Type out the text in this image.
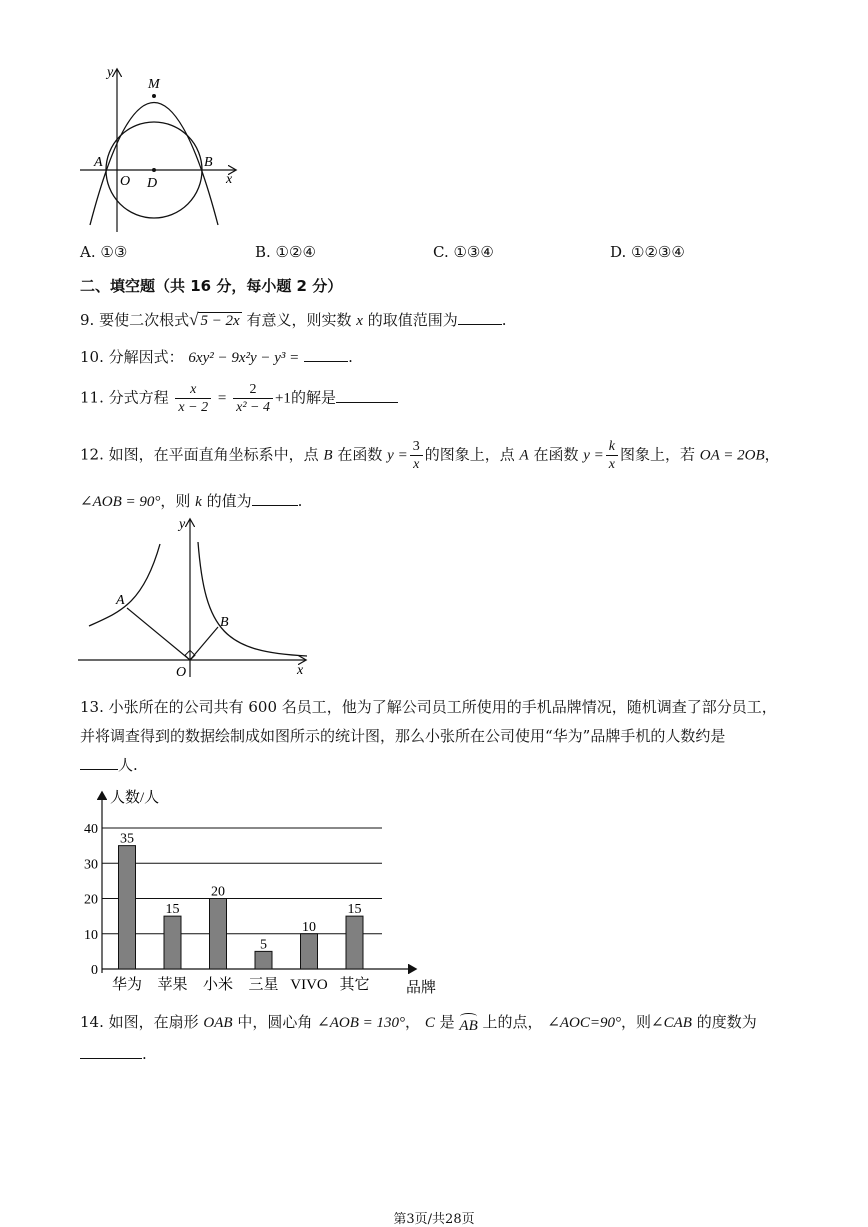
y
x
M
A
O D
B
A. ①③	B. ①②④	C. ①③④	D. ①②③④
二、填空题（共 16 分，每小题 2 分）
9. 要使二次根式√ 5 − 2x 有意义，则实数 x 的取值范围为	.
10. 分解因式： 6xy² − 9x²y − y³ =	.
11. 分式方程 $\frac{x}{x - 2} = \frac{2}{\text{x² − 4}} +1$的解是
12. 如图，在平面直角坐标系中，点 B 在函数 $y = \frac{3}{x}$ 的图象上，点 A 在函数 $y = \frac{k}{x}$ 图象上，若 OA = 2OB，
∠AOB = 90°，则 k 的值为	.
y
x
A
B
O
13. 小张所在的公司共有 600 名员工，他为了解公司员工所使用的手机品牌情况，随机调查了部分员工，
并将调查得到的数据绘制成如图所示的统计图，那么小张所在公司使用“华为”品牌手机的人数约是
人.
0
10
20
30
40
35
15
20
5
10
15
华为 苹果 小米 三星 VIVO 其它
人数/人
品牌
14. 如图，在扇形 OAB 中，圆心角 ∠AOB = 130°， C 是 AB 上的点， ∠AOC=90°，则∠CAB 的度数为
.
第3页/共28页
